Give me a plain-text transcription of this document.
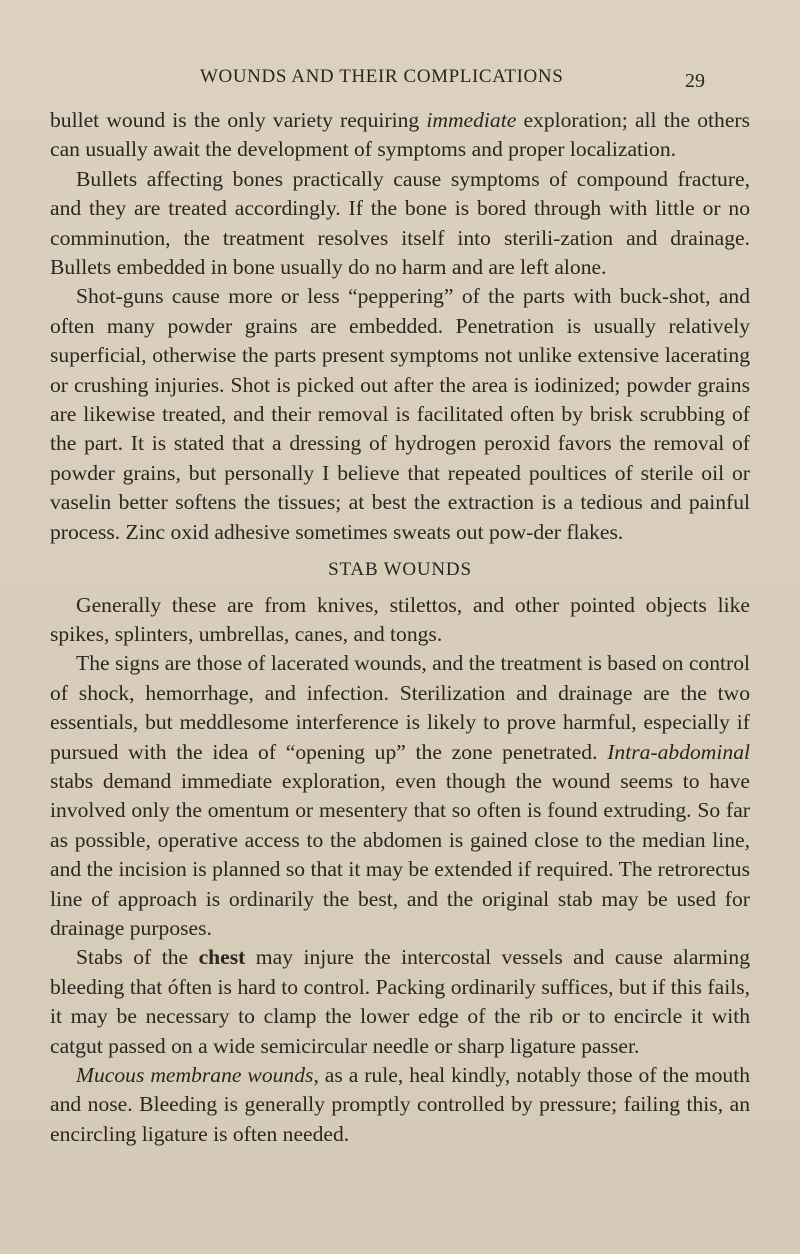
WOUNDS AND THEIR COMPLICATIONS	29

bullet wound is the only variety requiring immediate exploration; all the others can usually await the development of symptoms and proper localization.

Bullets affecting bones practically cause symptoms of compound fracture, and they are treated accordingly. If the bone is bored through with little or no comminution, the treatment resolves itself into sterili-zation and drainage. Bullets embedded in bone usually do no harm and are left alone.

Shot-guns cause more or less “peppering” of the parts with buck-shot, and often many powder grains are embedded. Penetration is usually relatively superficial, otherwise the parts present symptoms not unlike extensive lacerating or crushing injuries. Shot is picked out after the area is iodinized; powder grains are likewise treated, and their removal is facilitated often by brisk scrubbing of the part. It is stated that a dressing of hydrogen peroxid favors the removal of powder grains, but personally I believe that repeated poultices of sterile oil or vaselin better softens the tissues; at best the extraction is a tedious and painful process. Zinc oxid adhesive sometimes sweats out pow-der flakes.

STAB WOUNDS

Generally these are from knives, stilettos, and other pointed objects like spikes, splinters, umbrellas, canes, and tongs.

The signs are those of lacerated wounds, and the treatment is based on control of shock, hemorrhage, and infection. Sterilization and drainage are the two essentials, but meddlesome interference is likely to prove harmful, especially if pursued with the idea of “opening up” the zone penetrated. Intra-abdominal stabs demand immediate exploration, even though the wound seems to have involved only the omentum or mesentery that so often is found extruding. So far as possible, operative access to the abdomen is gained close to the median line, and the incision is planned so that it may be extended if required. The retrorectus line of approach is ordinarily the best, and the original stab may be used for drainage purposes.

Stabs of the chest may injure the intercostal vessels and cause alarming bleeding that óften is hard to control. Packing ordinarily suffices, but if this fails, it may be necessary to clamp the lower edge of the rib or to encircle it with catgut passed on a wide semicircular needle or sharp ligature passer.

Mucous membrane wounds, as a rule, heal kindly, notably those of the mouth and nose. Bleeding is generally promptly controlled by pressure; failing this, an encircling ligature is often needed.
